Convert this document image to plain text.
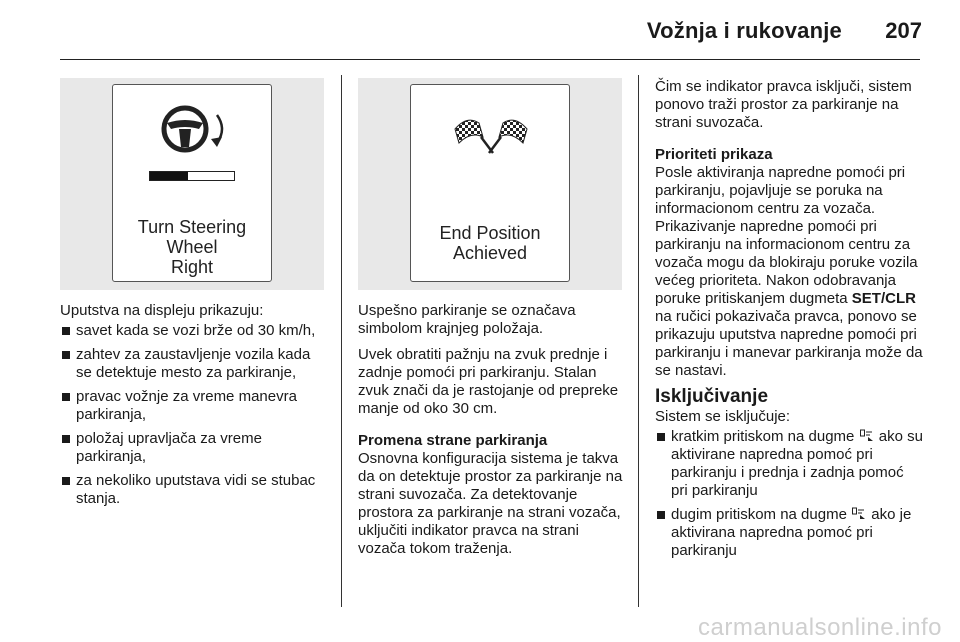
Vožnja i rukovanje 207
Turn Steering
Wheel
Right
End Position
Achieved

Uputstva na displeju prikazuju:

savet kada se vozi brže od 30 km/h,
zahtev za zaustavljenje vozila kada se detektuje mesto za parkiranje,
pravac vožnje za vreme manevra parkiranja,
položaj upravljača za vreme parkiranja,
za nekoliko uputstava vidi se stubac stanja.

Uspešno parkiranje se označava simbolom krajnjeg položaja.

Uvek obratiti pažnju na zvuk prednje i zadnje pomoći pri parkiranju. Stalan zvuk znači da je rastojanje od prepreke manje od oko 30 cm.

Promena strane parkiranja

Osnovna konfiguracija sistema je takva da on detektuje prostor za parkiranje na strani suvozača. Za detektovanje prostora za parkiranje na strani vozača, uključiti indikator pravca na strani vozača tokom traženja.

Čim se indikator pravca isključi, sistem ponovo traži prostor za parkiranje na strani suvozača.

Prioriteti prikaza

Posle aktiviranja napredne pomoći pri parkiranju, pojavljuje se poruka na informacionom centru za vozača. Prikazivanje napredne pomoći pri parkiranju na informacionom centru za vozača mogu da blokiraju poruke vozila većeg prioriteta. Nakon odobravanja poruke pritiskanjem dugmeta SET/CLR na ručici pokazivača pravca, ponovo se prikazuju uputstva napredne pomoći pri parkiranju i manevar parkiranja može da se nastavi.

Isključivanje

Sistem se isključuje:

kratkim pritiskom na dugme ako su aktivirane napredna pomoć pri parkiranju i prednja i zadnja pomoć pri parkiranju
dugim pritiskom na dugme ako je aktivirana napredna pomoć pri parkiranju
carmanualsonline.info
